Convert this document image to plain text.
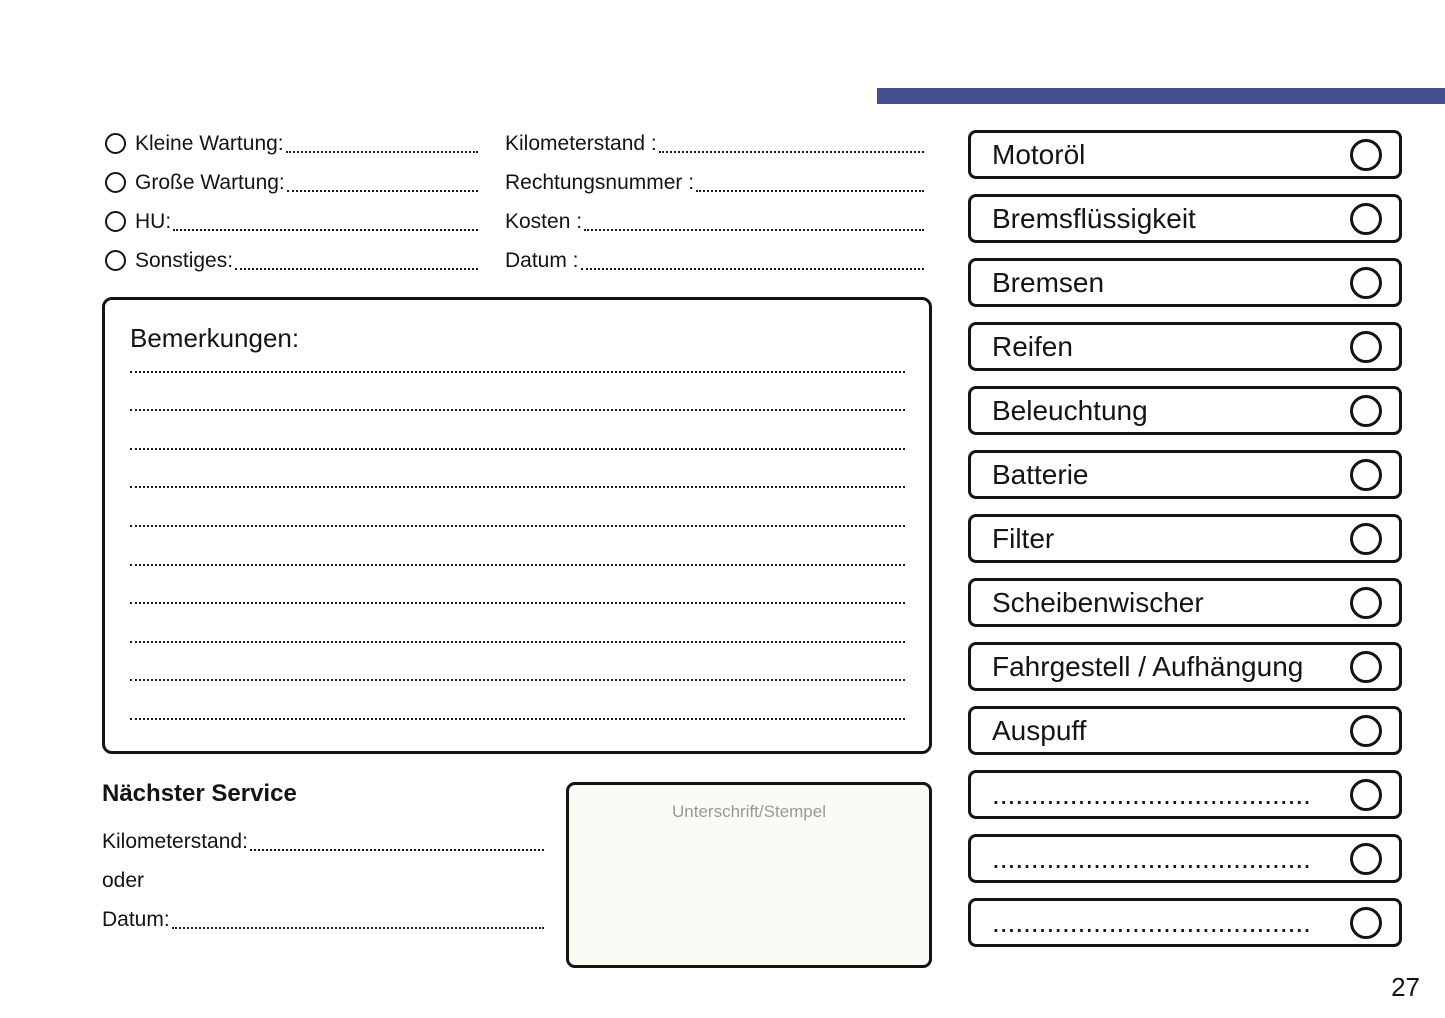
Kleine Wartung:
Große Wartung:
HU:
Sonstiges:
Kilometerstand :
Rechtungsnummer :
Kosten :
Datum :
Bemerkungen:
Nächster Service
Kilometerstand:
oder
Datum:
Unterschrift/Stempel
Motoröl
Bremsflüssigkeit
Bremsen
Reifen
Beleuchtung
Batterie
Filter
Scheibenwischer
Fahrgestell / Aufhängung
Auspuff
.........................................
.........................................
.........................................
27
